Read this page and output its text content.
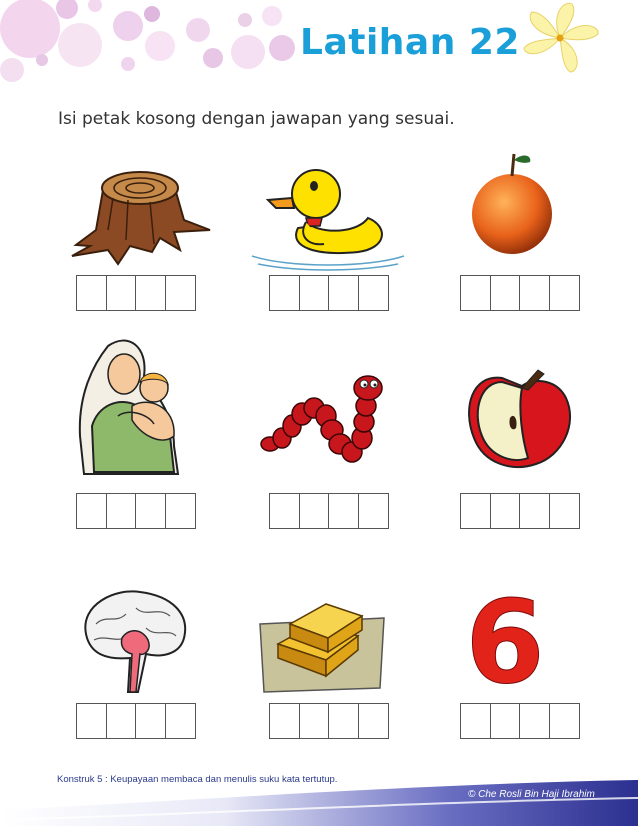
Latihan 22

Isi petak kosong dengan jawapan yang sesuai.

6
Konstruk 5 : Keupayaan membaca dan menulis suku kata tertutup.
© Che Rosli Bin Haji Ibrahim
